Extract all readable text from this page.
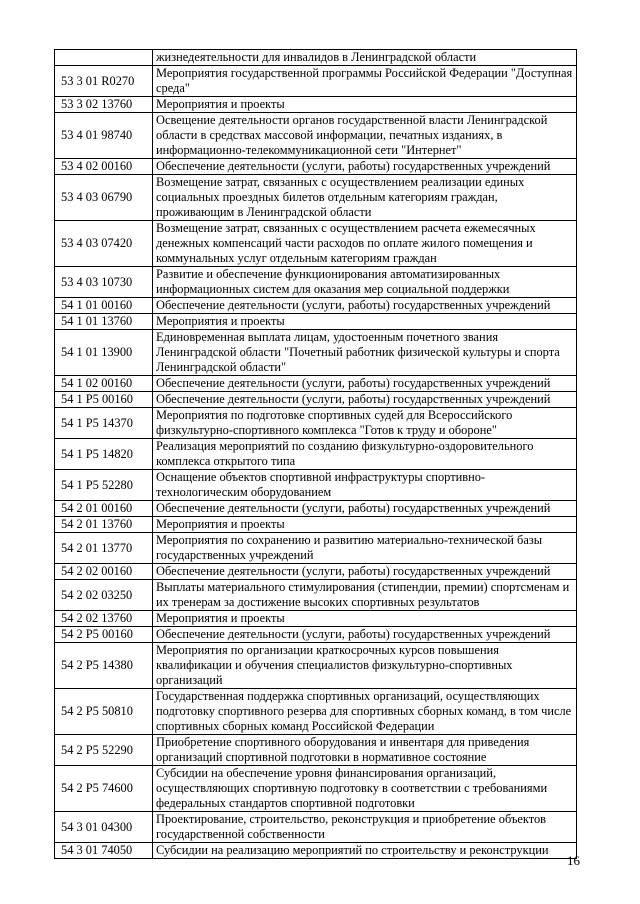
	жизнедеятельности для инвалидов в Ленинградской области
53 3 01 R0270	Мероприятия государственной программы Российской Федерации "Доступная среда"
53 3 02 13760	Мероприятия и проекты
53 4 01 98740	Освещение деятельности органов государственной власти Ленинградской области в средствах массовой информации, печатных изданиях, в информационно-телекоммуникационной сети "Интернет"
53 4 02 00160	Обеспечение деятельности (услуги, работы) государственных учреждений
53 4 03 06790	Возмещение затрат, связанных с осуществлением реализации единых социальных проездных билетов отдельным категориям граждан, проживающим в Ленинградской области
53 4 03 07420	Возмещение затрат, связанных с осуществлением расчета ежемесячных денежных компенсаций части расходов по оплате жилого помещения и коммунальных услуг отдельным категориям граждан
53 4 03 10730	Развитие и обеспечение функционирования автоматизированных информационных систем для оказания мер социальной поддержки
54 1 01 00160	Обеспечение деятельности (услуги, работы) государственных учреждений
54 1 01 13760	Мероприятия и проекты
54 1 01 13900	Единовременная выплата лицам, удостоенным почетного звания Ленинградской области "Почетный работник физической культуры и спорта Ленинградской области"
54 1 02 00160	Обеспечение деятельности (услуги, работы) государственных учреждений
54 1 P5 00160	Обеспечение деятельности (услуги, работы) государственных учреждений
54 1 P5 14370	Мероприятия по подготовке спортивных судей для Всероссийского физкультурно-спортивного комплекса "Готов к труду и обороне"
54 1 P5 14820	Реализация мероприятий по созданию физкультурно-оздоровительного комплекса открытого типа
54 1 P5 52280	Оснащение объектов спортивной инфраструктуры спортивно-технологическим оборудованием
54 2 01 00160	Обеспечение деятельности (услуги, работы) государственных учреждений
54 2 01 13760	Мероприятия и проекты
54 2 01 13770	Мероприятия по сохранению и развитию материально-технической базы государственных учреждений
54 2 02 00160	Обеспечение деятельности (услуги, работы) государственных учреждений
54 2 02 03250	Выплаты материального стимулирования (стипендии, премии) спортсменам и их тренерам за достижение высоких спортивных результатов
54 2 02 13760	Мероприятия и проекты
54 2 P5 00160	Обеспечение деятельности (услуги, работы) государственных учреждений
54 2 P5 14380	Мероприятия по организации краткосрочных курсов повышения квалификации и обучения специалистов физкультурно-спортивных организаций
54 2 P5 50810	Государственная поддержка спортивных организаций, осуществляющих подготовку спортивного резерва для спортивных сборных команд, в том числе спортивных сборных команд Российской Федерации
54 2 P5 52290	Приобретение спортивного оборудования и инвентаря для приведения организаций спортивной подготовки в нормативное состояние
54 2 P5 74600	Субсидии на обеспечение уровня финансирования организаций, осуществляющих спортивную подготовку в соответствии с требованиями федеральных стандартов спортивной подготовки
54 3 01 04300	Проектирование, строительство, реконструкция и приобретение объектов государственной собственности
54 3 01 74050	Субсидии на реализацию мероприятий по строительству и реконструкции
16
